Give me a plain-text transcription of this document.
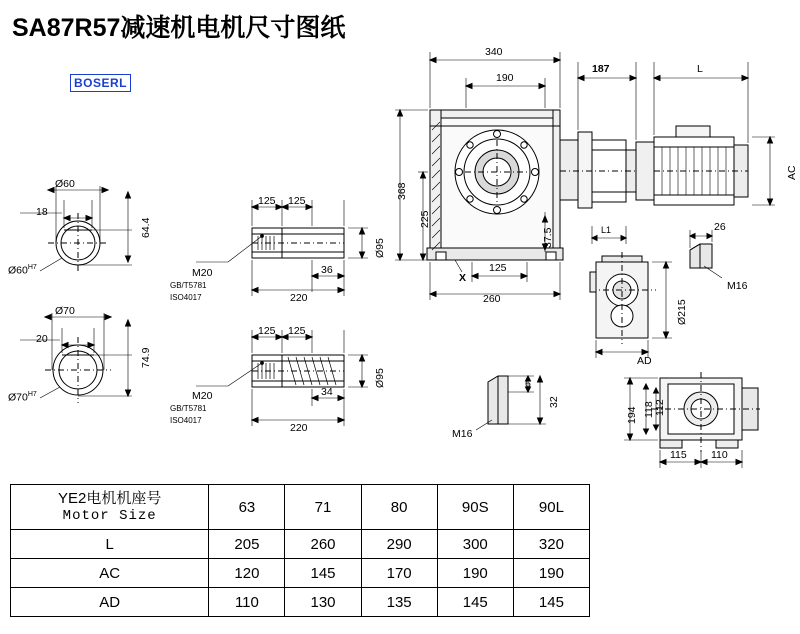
SA87R57减速机电机尺寸图纸
BOSERL
Ø60
18
64.4
$Ø60^{H7}$
Ø70
20
74.9
$Ø70^{H7}$
125 125
36
220
Ø95
M20
GB/T5781
ISO4017
125 125
34
220
Ø95
M20
GB/T5781
ISO4017
340
190
368
225
260
125
37.5
X
187	L
AC
L1	26
M16
Ø215
AD
6
32
M16
194 118 112
115 110
YE2电机机座号
Motor Size	63	71	80	90S	90L
L	205	260	290	300	320
AC	120	145	170	190	190
AD	110	130	135	145	145
